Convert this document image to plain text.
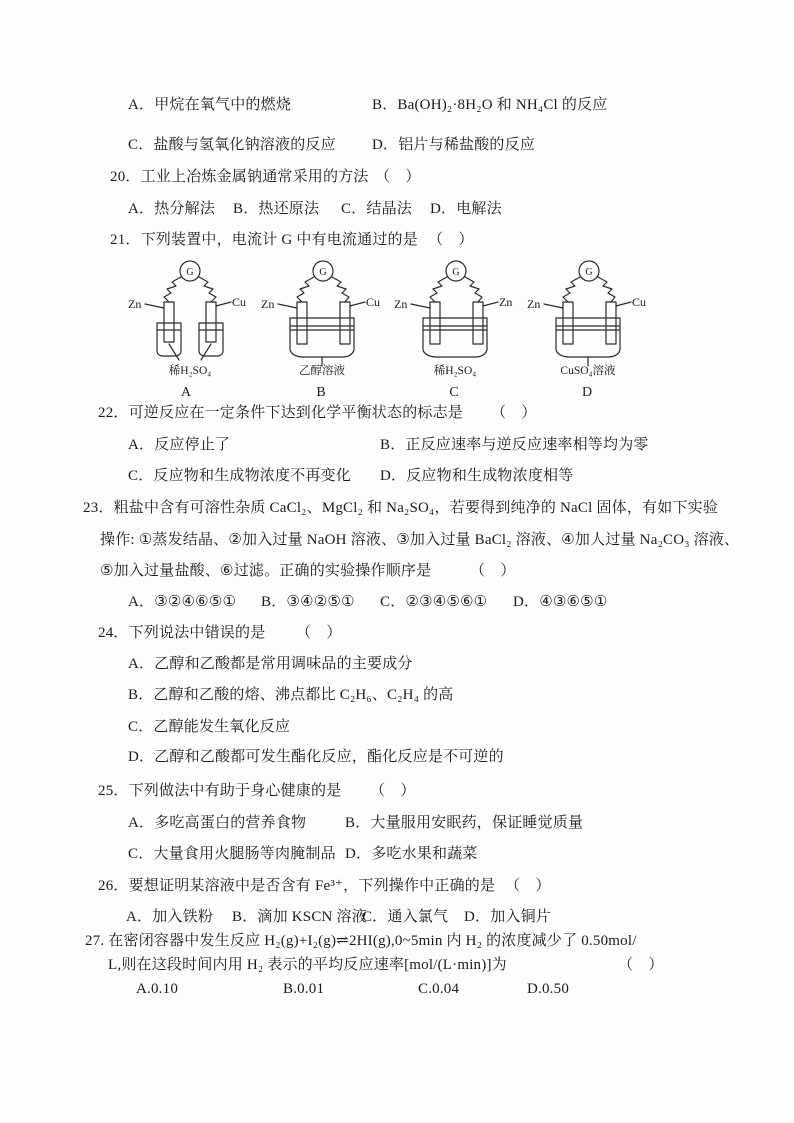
A．甲烷在氧气中的燃烧	B．Ba(OH)₂·8H₂O 和 NH₄Cl 的反应
C．盐酸与氢氧化钠溶液的反应 D．铝片与稀盐酸的反应
20．工业上冶炼金属钠通常采用的方法 （　）
A．热分解法 B．热还原法 C．结晶法 D．电解法
21．下列装置中，电流计 G 中有电流通过的是 （　）
G
Zn	Cu
稀H₂SO₄
A
G
Zn	Cu
乙醇溶液
B
G
Zn	Zn
稀H₂SO₄
C
G
Zn	Cu
CuSO₄溶液
D
22．可逆反应在一定条件下达到化学平衡状态的标志是 （　）
A．反应停止了	B．正反应速率与逆反应速率相等均为零
C．反应物和生成物浓度不再变化 D．反应物和生成物浓度相等
23．粗盐中含有可溶性杂质 CaCl₂、MgCl₂ 和 Na₂SO₄，若要得到纯净的 NaCl 固体，有如下实验
操作: ①蒸发结晶、②加入过量 NaOH 溶液、③加入过量 BaCl₂ 溶液、④加人过量 Na₂CO₃ 溶液、
⑤加入过量盐酸、⑥过滤。正确的实验操作顺序是	（　）
A．③②④⑥⑤① B．③④②⑤① C．②③④⑤⑥① D．④③⑥⑤①
24．下列说法中错误的是 （　）
A．乙醇和乙酸都是常用调味品的主要成分
B．乙醇和乙酸的熔、沸点都比 C₂H₆、C₂H₄ 的高
C．乙醇能发生氧化反应
D．乙醇和乙酸都可发生酯化反应，酯化反应是不可逆的
25．下列做法中有助于身心健康的是 （　）
A．多吃高蛋白的营养食物	B．大量服用安眠药，保证睡觉质量
C．大量食用火腿肠等肉腌制品 D．多吃水果和蔬菜
26．要想证明某溶液中是否含有 Fe³⁺，下列操作中正确的是 （　）
A．加入铁粉 B．滴加 KSCN 溶液
C．通入氯气 D．加入铜片
27. 在密闭容器中发生反应 H₂(g)+I₂(g)⇌2HI(g),0~5min 内 H₂ 的浓度减少了 0.50mol/
L,则在这段时间内用 H₂ 表示的平均反应速率[mol/(L·min)]为	（　）
A.0.10	B.0.01	C.0.04	D.0.50
